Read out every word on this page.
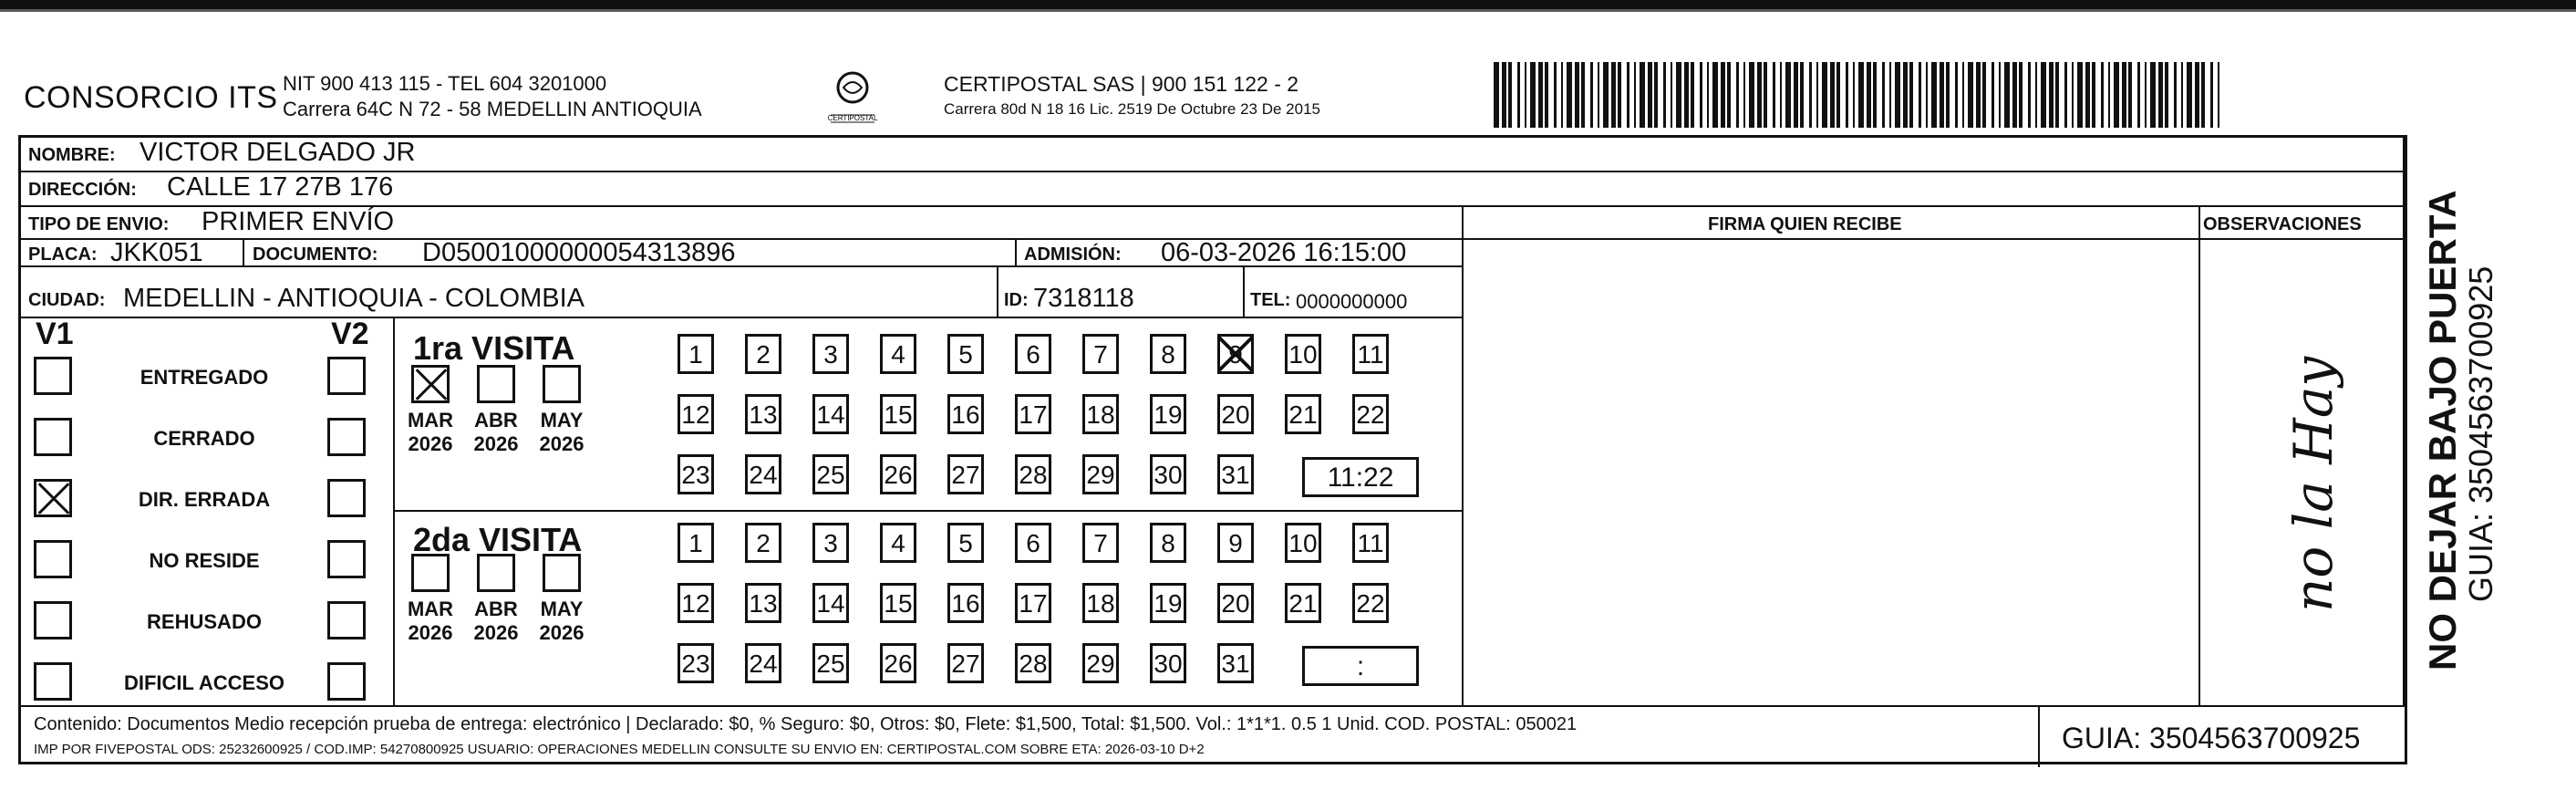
CONSORCIO ITS NIT 900 413 115 - TEL 604 3201000
Carrera 64C N 72 - 58 MEDELLIN ANTIOQUIA	CERTIPOSTAL
CERTIPOSTAL SAS | 900 151 122 - 2
Carrera 80d N 18 16 Lic. 2519 De Octubre 23 De 2015
NOMBRE: VICTOR DELGADO JR
DIRECCIÓN: CALLE 17 27B 176
TIPO DE ENVIO: PRIMER ENVÍO	FIRMA QUIEN RECIBE	OBSERVACIONES
PLACA: JKK051	DOCUMENTO: D05001000000054313896	ADMISIÓN: 06-03-2026 16:15:00
CIUDAD: MEDELLIN - ANTIOQUIA - COLOMBIA	ID: 7318118	TEL: 0000000000
V1	V2
ENTREGADO
CERRADO
DIR. ERRADA
NO RESIDE
REHUSADO
DIFICIL ACCESO
1ra VISITA
MAR
2026
ABR
2026
MAY
2026
1	2	3	4	5	6	7	8	9	10 11
12 13 14 15 16 17 18 19 20 21 22
23 24 25 26 27 28 29 30 31	11:22
2da VISITA
MAR
2026
ABR
2026
MAY
2026
1	2	3	4	5	6	7	8	9	10 11
12 13 14 15 16 17 18 19 20 21 22
23 24 25 26 27 28 29 30 31	:
no la Hay
Contenido: Documentos Medio recepción prueba de entrega: electrónico | Declarado: $0, % Seguro: $0, Otros: $0, Flete: $1,500, Total: $1,500. Vol.: 1*1*1. 0.5 1 Unid. COD. POSTAL: 050021
IMP POR FIVEPOSTAL ODS: 25232600925 / COD.IMP: 54270800925 USUARIO: OPERACIONES MEDELLIN CONSULTE SU ENVIO EN: CERTIPOSTAL.COM SOBRE ETA: 2026-03-10 D+2	GUIA: 3504563700925
NO DEJAR BAJO PUERTA
GUIA: 3504563700925
